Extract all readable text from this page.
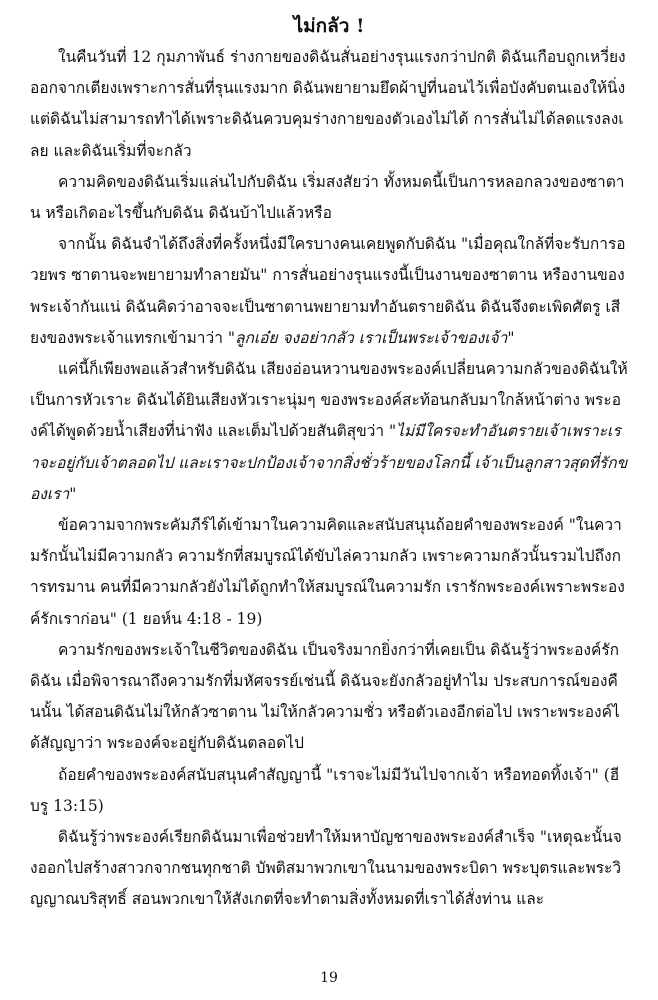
ไม่กลัว !

ในคืนวันที่ 12 กุมภาพันธ์ ร่างกายของดิฉันสั่นอย่างรุนแรงกว่าปกติ ดิฉันเกือบถูกเหวี่ยงออกจากเตียงเพราะการสั่นที่รุนแรงมาก ดิฉันพยายามยึดผ้าปูที่นอนไว้เพื่อบังคับตนเองให้นิ่ง แต่ดิฉันไม่สามารถทำได้เพราะดิฉันควบคุมร่างกายของตัวเองไม่ได้ การสั่นไม่ได้ลดแรงลงเลย และดิฉันเริ่มที่จะกลัว

ความคิดของดิฉันเริ่มแล่นไปกับดิฉัน เริ่มสงสัยว่า ทั้งหมดนี้เป็นการหลอกลวงของซาตาน หรือเกิดอะไรขึ้นกับดิฉัน ดิฉันบ้าไปแล้วหรือ

จากนั้น ดิฉันจำได้ถึงสิ่งที่ครั้งหนึ่งมีใครบางคนเคยพูดกับดิฉัน "เมื่อคุณใกล้ที่จะรับการอวยพร ซาตานจะพยายามทำลายมัน" การสั่นอย่างรุนแรงนี้เป็นงานของซาตาน หรืองานของพระเจ้ากันแน่ ดิฉันคิดว่าอาจจะเป็นซาตานพยายามทำอันตรายดิฉัน ดิฉันจึงตะเพิดศัตรู เสียงของพระเจ้าแทรกเข้ามาว่า "ลูกเอ๋ย จงอย่ากลัว เราเป็นพระเจ้าของเจ้า"

แค่นี้ก็เพียงพอแล้วสำหรับดิฉัน เสียงอ่อนหวานของพระองค์เปลี่ยนความกลัวของดิฉันให้เป็นการหัวเราะ ดิฉันได้ยินเสียงหัวเราะนุ่มๆ ของพระองค์สะท้อนกลับมาใกล้หน้าต่าง พระองค์ได้พูดด้วยน้ำเสียงที่น่าฟัง และเต็มไปด้วยสันติสุขว่า "ไม่มีใครจะทำอันตรายเจ้าเพราะเราจะอยู่กับเจ้าตลอดไป และเราจะปกป้องเจ้าจากสิ่งชั่วร้ายของโลกนี้ เจ้าเป็นลูกสาวสุดที่รักของเรา"

ข้อความจากพระคัมภีร์ได้เข้ามาในความคิดและสนับสนุนถ้อยคำของพระองค์ "ในความรักนั้นไม่มีความกลัว ความรักที่สมบูรณ์ได้ขับไล่ความกลัว เพราะความกลัวนั้นรวมไปถึงการทรมาน คนที่มีความกลัวยังไม่ได้ถูกทำให้สมบูรณ์ในความรัก เรารักพระองค์เพราะพระองค์รักเราก่อน" (1 ยอห์น 4:18 - 19)

ความรักของพระเจ้าในชีวิตของดิฉัน เป็นจริงมากยิ่งกว่าที่เคยเป็น ดิฉันรู้ว่าพระองค์รักดิฉัน เมื่อพิจารณาถึงความรักที่มหัศจรรย์เช่นนี้ ดิฉันจะยังกลัวอยู่ทำไม ประสบการณ์ของคืนนั้น ได้สอนดิฉันไม่ให้กลัวซาตาน ไม่ให้กลัวความชั่ว หรือตัวเองอีกต่อไป เพราะพระองค์ได้สัญญาว่า พระองค์จะอยู่กับดิฉันตลอดไป

ถ้อยคำของพระองค์สนับสนุนคำสัญญานี้ "เราจะไม่มีวันไปจากเจ้า หรือทอดทิ้งเจ้า" (ฮีบรู 13:15)

ดิฉันรู้ว่าพระองค์เรียกดิฉันมาเพื่อช่วยทำให้มหาบัญชาของพระองค์สำเร็จ "เหตุฉะนั้นจงออกไปสร้างสาวกจากชนทุกชาติ บัพติสมาพวกเขาในนามของพระบิดา พระบุตรและพระวิญญาณบริสุทธิ์ สอนพวกเขาให้สังเกตที่จะทำตามสิ่งทั้งหมดที่เราได้สั่งท่าน และ

19
